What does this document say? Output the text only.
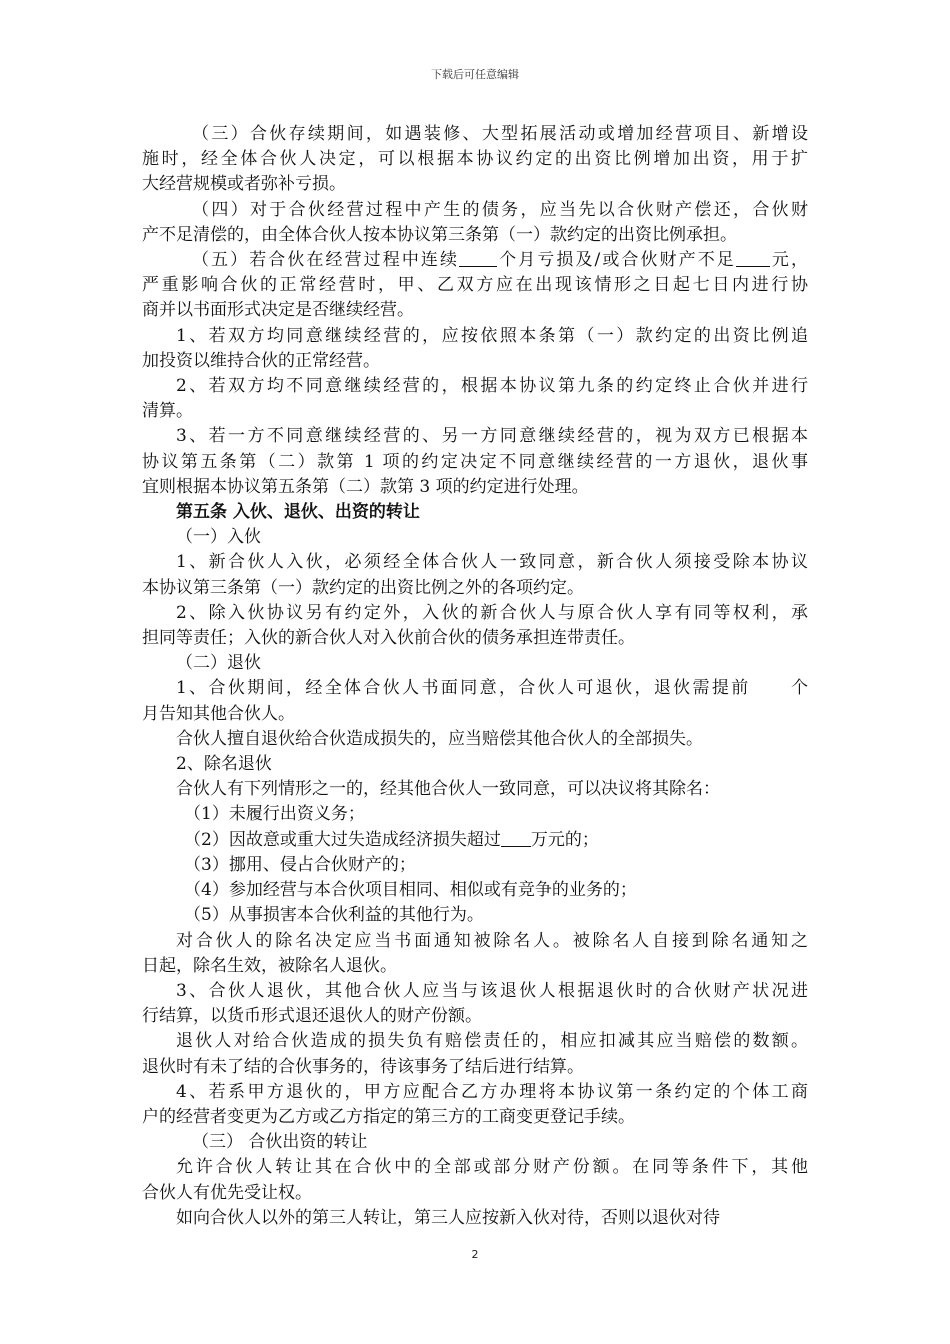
下载后可任意编辑

（三）合伙存续期间，如遇装修、大型拓展活动或增加经营项目、新增设

施时，经全体合伙人决定，可以根据本协议约定的出资比例增加出资，用于扩

大经营规模或者弥补亏损。

（四）对于合伙经营过程中产生的债务，应当先以合伙财产偿还，合伙财

产不足清偿的，由全体合伙人按本协议第三条第（一）款约定的出资比例承担。

（五）若合伙在经营过程中连续 个月亏损及/或合伙财产不足 元，

严重影响合伙的正常经营时，甲、乙双方应在出现该情形之日起七日内进行协

商并以书面形式决定是否继续经营。

1、若双方均同意继续经营的，应按依照本条第（一）款约定的出资比例追

加投资以维持合伙的正常经营。

2、若双方均不同意继续经营的，根据本协议第九条的约定终止合伙并进行

清算。

3、若一方不同意继续经营的、另一方同意继续经营的，视为双方已根据本

协议第五条第（二）款第 1 项的约定决定不同意继续经营的一方退伙，退伙事

宜则根据本协议第五条第（二）款第 3 项的约定进行处理。

第五条 入伙、退伙、出资的转让

（一）入伙

1、新合伙人入伙，必须经全体合伙人一致同意，新合伙人须接受除本协议

本协议第三条第（一）款约定的出资比例之外的各项约定。

2、除入伙协议另有约定外，入伙的新合伙人与原合伙人享有同等权利，承

担同等责任；入伙的新合伙人对入伙前合伙的债务承担连带责任。

（二）退伙

1、合伙期间，经全体合伙人书面同意，合伙人可退伙，退伙需提前 个

月告知其他合伙人。

合伙人擅自退伙给合伙造成损失的，应当赔偿其他合伙人的全部损失。

2、除名退伙

合伙人有下列情形之一的，经其他合伙人一致同意，可以决议将其除名：

（1）未履行出资义务；

（2）因故意或重大过失造成经济损失超过 万元的；

（3）挪用、侵占合伙财产的；

（4）参加经营与本合伙项目相同、相似或有竞争的业务的；

（5）从事损害本合伙利益的其他行为。

对合伙人的除名决定应当书面通知被除名人。被除名人自接到除名通知之

日起，除名生效，被除名人退伙。

3、合伙人退伙，其他合伙人应当与该退伙人根据退伙时的合伙财产状况进

行结算，以货币形式退还退伙人的财产份额。

退伙人对给合伙造成的损失负有赔偿责任的，相应扣减其应当赔偿的数额。

退伙时有未了结的合伙事务的，待该事务了结后进行结算。

4、若系甲方退伙的，甲方应配合乙方办理将本协议第一条约定的个体工商

户的经营者变更为乙方或乙方指定的第三方的工商变更登记手续。

（三） 合伙出资的转让

允许合伙人转让其在合伙中的全部或部分财产份额。在同等条件下，其他

合伙人有优先受让权。

如向合伙人以外的第三人转让，第三人应按新入伙对待，否则以退伙对待

2
